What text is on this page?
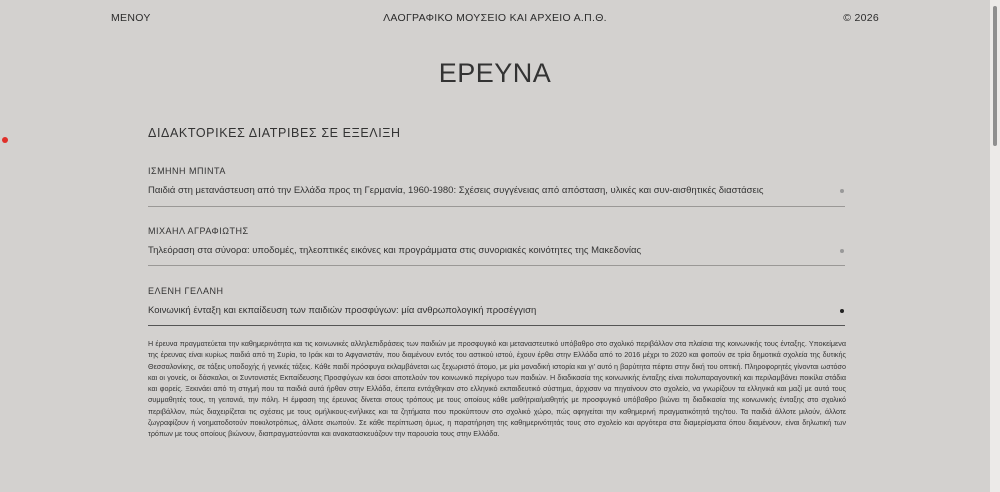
ΜΕΝΟΥ	ΛΑΟΓΡΑΦΙΚΟ ΜΟΥΣΕΙΟ ΚΑΙ ΑΡΧΕΙΟ Α.Π.Θ.	© 2026
ΕΡΕΥΝΑ
ΔΙΔΑΚΤΟΡΙΚΕΣ ΔΙΑΤΡΙΒΕΣ ΣΕ ΕΞΕΛΙΞΗ

ΙΣΜΗΝΗ ΜΠΙΝΤΑ

Παιδιά στη μετανάστευση από την Ελλάδα προς τη Γερμανία, 1960-1980: Σχέσεις συγγένειας από απόσταση, υλικές και συν-αισθητικές διαστάσεις

ΜΙΧΑΗΛ ΑΓΡΑΦΙΩΤΗΣ

Τηλεόραση στα σύνορα: υποδομές, τηλεοπτικές εικόνες και προγράμματα στις συνοριακές κοινότητες της Μακεδονίας

ΕΛΕΝΗ ΓΕΛΑΝΗ

Κοινωνική ένταξη και εκπαίδευση των παιδιών προσφύγων: μία ανθρωπολογική προσέγγιση

Η έρευνα πραγματεύεται την καθημερινότητα και τις κοινωνικές αλληλεπιδράσεις των παιδιών με προσφυγικό και μεταναστευτικό υπόβαθρο στο σχολικό περιβάλλον στα πλαίσια της κοινωνικής τους ένταξης. Υποκείμενα της έρευνας είναι κυρίως παιδιά από τη Συρία, το Ιράκ και το Αφγανιστάν, που διαμένουν εντός του αστικού ιστού, έχουν έρθει στην Ελλάδα από το 2016 μέχρι το 2020 και φοιτούν σε τρία δημοτικά σχολεία της δυτικής Θεσσαλονίκης, σε τάξεις υποδοχής ή γενικές τάξεις. Κάθε παιδί πρόσφυγα εκλαμβάνεται ως ξεχωριστό άτομο, με μία μοναδική ιστορία και γι' αυτό η βαρύτητα πέφτει στην δική του οπτική. Πληροφορητές γίνονται ωστόσο και οι γονείς, οι δάσκαλοι, οι Συντονιστές Εκπαίδευσης Προσφύγων και όσοι αποτελούν τον κοινωνικό περίγυρο των παιδιών. Η διαδικασία της κοινωνικής ένταξης είναι πολυπαραγοντική και περιλαμβάνει ποικίλα στάδια και φορείς. Ξεκινάει από τη στιγμή που τα παιδιά αυτά ήρθαν στην Ελλάδα, έπειτα εντάχθηκαν στο ελληνικό εκπαιδευτικό σύστημα, άρχισαν να πηγαίνουν στο σχολείο, να γνωρίζουν τα ελληνικά και μαζί με αυτά τους συμμαθητές τους, τη γειτονιά, την πόλη. Η έμφαση της έρευνας δίνεται στους τρόπους με τους οποίους κάθε μαθήτρια/μαθητής με προσφυγικό υπόβαθρο βιώνει τη διαδικασία της κοινωνικής ένταξης στο σχολικό περιβάλλον, πώς διαχειρίζεται τις σχέσεις με τους ομήλικους-ενήλικες και τα ζητήματα που προκύπτουν στο σχολικό χώρο, πώς αφηγείται την καθημερινή πραγματικότητά της/του. Τα παιδιά άλλοτε μιλούν, άλλοτε ζωγραφίζουν ή νοηματοδοτούν ποικιλοτρόπως, άλλοτε σιωπούν. Σε κάθε περίπτωση όμως, η παρατήρηση της καθημερινότητάς τους στο σχολείο και αργότερα στα διαμερίσματα όπου διαμένουν, είναι δηλωτική των τρόπων με τους οποίους βιώνουν, διαπραγματεύονται και ανακατασκευάζουν την παρουσία τους στην Ελλάδα.
